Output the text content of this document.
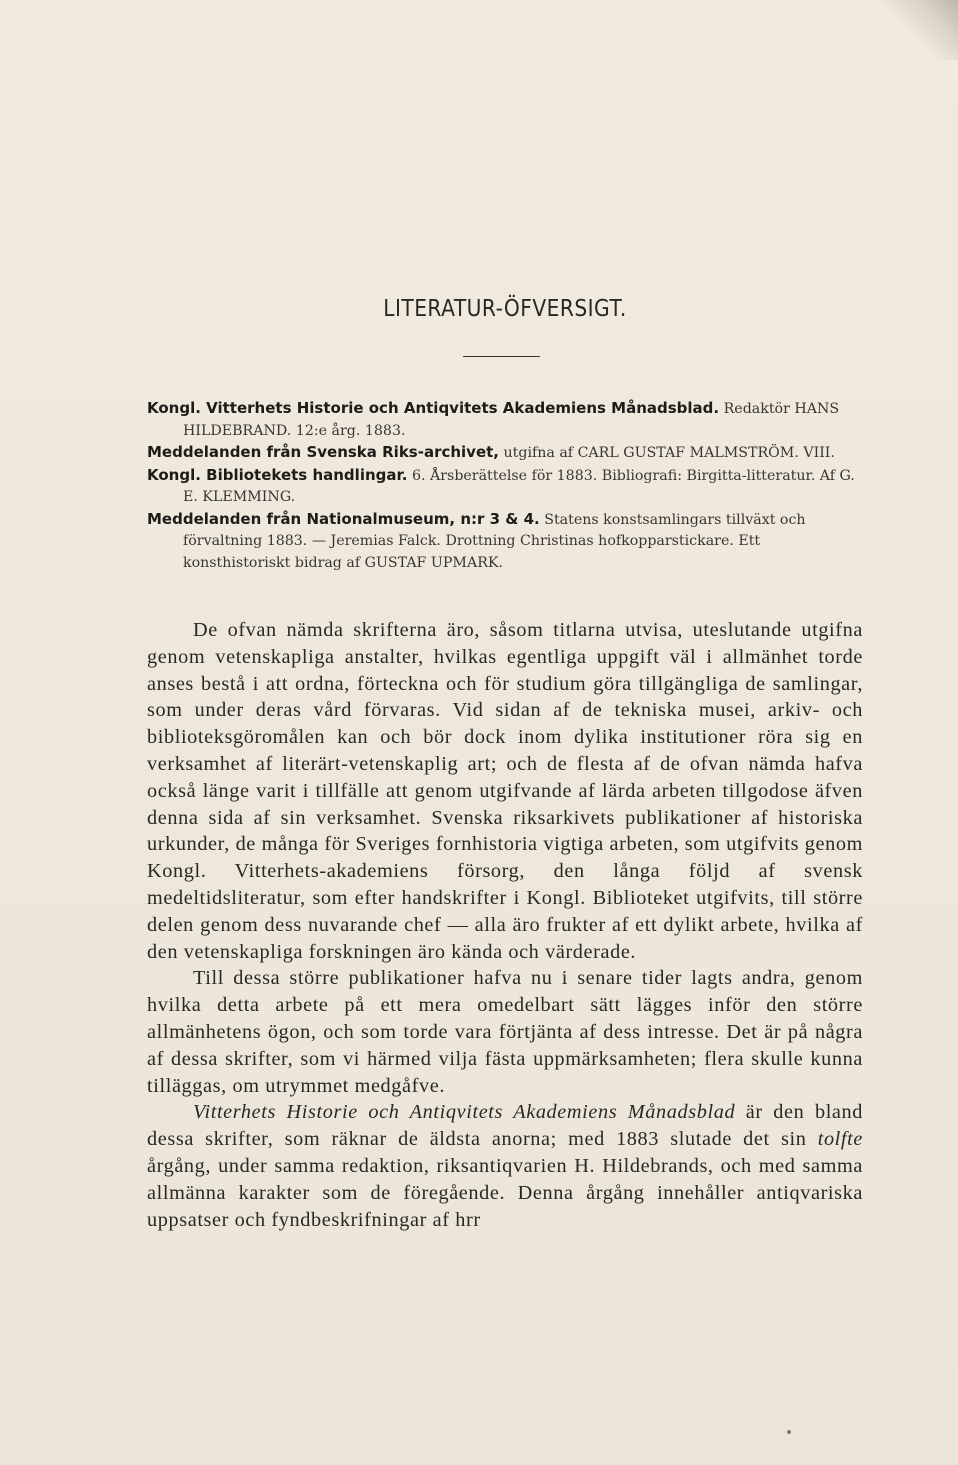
LITERATUR-ÖFVERSIGT.
Kongl. Vitterhets Historie och Antiqvitets Akademiens Månadsblad. Redaktör HANS HILDEBRAND. 12:e årg. 1883.
Meddelanden från Svenska Riks-archivet, utgifna af CARL GUSTAF MALMSTRÖM. VIII.
Kongl. Bibliotekets handlingar. 6. Årsberättelse för 1883. Bibliografi: Birgitta-litteratur. Af G. E. KLEMMING.
Meddelanden från Nationalmuseum, n:r 3 & 4. Statens konstsamlingars tillväxt och förvaltning 1883. — Jeremias Falck. Drottning Christinas hofkopparstickare. Ett konsthistoriskt bidrag af GUSTAF UPMARK.

De ofvan nämda skrifterna äro, såsom titlarna utvisa, uteslutande utgifna genom vetenskapliga anstalter, hvilkas egentliga uppgift väl i allmänhet torde anses bestå i att ordna, förteckna och för studium göra tillgängliga de samlingar, som under deras vård förvaras. Vid sidan af de tekniska musei, arkiv- och biblioteksgöromålen kan och bör dock inom dylika institutioner röra sig en verksamhet af literärt-vetenskaplig art; och de flesta af de ofvan nämda hafva också länge varit i tillfälle att genom utgifvande af lärda arbeten tillgodose äfven denna sida af sin verksamhet. Svenska riksarkivets publikationer af historiska urkunder, de många för Sveriges fornhistoria vigtiga arbeten, som utgifvits genom Kongl. Vitterhets-akademiens försorg, den långa följd af svensk medeltidsliteratur, som efter handskrifter i Kongl. Biblioteket utgifvits, till större delen genom dess nuvarande chef — alla äro frukter af ett dylikt arbete, hvilka af den vetenskapliga forskningen äro kända och värderade.

Till dessa större publikationer hafva nu i senare tider lagts andra, genom hvilka detta arbete på ett mera omedelbart sätt lägges inför den större allmänhetens ögon, och som torde vara förtjänta af dess intresse. Det är på några af dessa skrifter, som vi härmed vilja fästa uppmärksamheten; flera skulle kunna tilläggas, om utrymmet medgåfve.

Vitterhets Historie och Antiqvitets Akademiens Månadsblad är den bland dessa skrifter, som räknar de äldsta anorna; med 1883 slutade det sin tolfte årgång, under samma redaktion, riksantiqvarien H. Hildebrands, och med samma allmänna karakter som de föregående. Denna årgång innehåller antiqvariska uppsatser och fyndbeskrifningar af hrr
